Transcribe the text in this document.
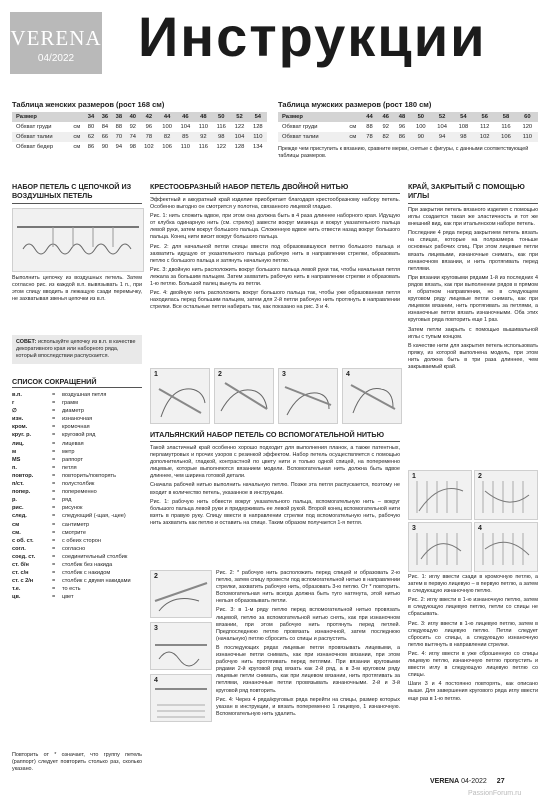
VERENA
04/2022	Инструкции
Таблица женских размеров (рост 168 см)
Размер		34	36	38	40	42	44	46	48	50	52	54
Обхват груди	см	80	84	88	92	96	100	104	110	116	122	128
Обхват талии	см	62	66	70	74	78	82	85	92	98	104	110
Обхват бедер	см	86	90	94	98	102	106	110	116	122	128	134
Таблица мужских размеров (рост 180 см)
Размер		44	46	48	50	52	54	56	58	60
Обхват груди	см	88	92	96	100	104	108	112	116	120
Обхват талии	см	78	82	86	90	94	98	102	106	110
Прежде чем приступить к вязанию, сравните мерки, снятые с фигуры, с данными соответствующей таблицы размеров.
НАБОР ПЕТЕЛЬ С ЦЕПОЧКОЙ ИЗ ВОЗДУШНЫХ ПЕТЕЛЬ
Выполнить цепочку из воздушных петель. Затем согласно рис. из каждой в.п. вывязывать 1 п., при этом спицу вводить в лежащую сзади перемычку, не захватывая звенья цепочки из в.п.
СОВЕТ: используйте цепочку из в.п. в качестве декоративного края или наборного ряда, который впоследствии распускается.
СПИСОК СОКРАЩЕНИЙ
в.п.	=	воздушная петля
г	=	грамм
∅	=	диаметр
изн.	=	изнаночная
кром.	=	кромочная
круг. р.	=	круговой ряд
лиц.	=	лицевая
м	=	метр
MS	=	раппорт
п.	=	петля
повтор.	=	повторить/повторять
п/ст.	=	полустолбик
попер.	=	попеременно
р.	=	ряд
рис.	=	рисунок
след.	=	следующий (-щая, -щее)
см	=	сантиметр
см.	=	смотрите
с об. ст.	=	с обеих сторон
согл.	=	согласно
соед. ст.	=	соединительный столбик
ст. б/н	=	столбик без накида
ст. с/н	=	столбик с накидом
ст. с 2/н	=	столбик с двумя накидами
т.е.	=	то есть
цв.	=	цвет
Повторить от * означает, что группу петель (раппорт) следует повторить столько раз, сколько указано.
КРЕСТООБРАЗНЫЙ НАБОР ПЕТЕЛЬ ДВОЙНОЙ НИТЬЮ
Эффектный и аккуратный край изделие приобретает благодаря крестообразному набору петель. Особенно выгодно он смотрится у полотна, связанного лицевой гладью.
Рис. 1: нить сложить вдвое, при этом она должна быть в 4 раза длиннее наборного края. Идущую от клубка одинарную нить (см. стрелку) завести вокруг мизинца и вокруг указательного пальца левой руки, затем вокруг большого пальца. Сложенную вдвое нить отвести назад вокруг большого пальца. Конец нити висит вокруг большого пальца.
Рис. 2: для начальной петли спицы ввести под образовавшуюся петлю большого пальца и захватить идущую от указательного пальца рабочую нить в направлении стрелки, образовать петлю с большого пальца и затянуть начальную петлю.
Рис. 3: двойную нить расположить вокруг большого пальца левой руки так, чтобы начальная петля лежала за большим пальцем. Затем захватить рабочую нить в направлении стрелки и образовать 1-ю петлю. Большой палец вынуть из петли.
Рис. 4: двойную нить расположить вокруг большого пальца так, чтобы уже образованная петля находилась перед большим пальцем, затем для 2-й петли рабочую нить протянуть в направлении стрелки. Все остальные петли набирать так, как показано на рис. 3 и 4.
1	2	3	4
ИТАЛЬЯНСКИЙ НАБОР ПЕТЕЛЬ СО ВСПОМОГАТЕЛЬНОЙ НИТЬЮ
Такой эластичный край особенно хорошо подходит для выполнения планок, а также патентных, перламутровых и прочих узоров с резинкой эффектом. Набор петель осуществляется с помощью дополнительной, гладкой, контрастной по цвету нити и только одной спицей, на попеременно лицевые, которые выполняются вязанием модели. Вспомогательная нить должна быть вдвое длиннее, чем ширина готовой детали.
Сначала рабочей нитью выполнить начальную петлю. Позже эта петля распускается, поэтому не входит в количество петель, указанное в инструкции.
Рис. 1: рабочую нить обвести вокруг указательного пальца, вспомогательную нить – вокруг большого пальца левой руки и придерживать ее левой рукой. Второй конец вспомогательной нити взять в правую руку. Спицу ввести в направлении стрелки под вспомогательную нить, рабочую нить захватить как петлю и оставить на спице. Таким образом получается 1-я петля.
2
3
4
Рис. 2: * рабочую нить расположить перед спицей и образовать 2-ю петлю, затем спицу провести под вспомогательной нитью в направлении стрелки, захватить рабочую нить, образовать 3-ю петлю. От * повторить. Вспомогательная нить всегда должна быть туго натянута, этой нитью нельзя образовывать петли.
Рис. 3: в 1-м ряду петлю перед вспомогательной нитью провязать лицевой, петлю за вспомогательной нитью снять, как при изнаночном вязании, при этом рабочую нить протянуть перед петлей. Предпоследнюю петлю провязать изнаночной, затем последнюю (начальную) петлю сбросить со спицы и распустить.
В последующих рядах лицевые петли провязывать лицевыми, а изнаночные петли снимать, как при изнаночном вязании, при этом рабочую нить протягивать перед петлями. При вязании круговыми рядами 2-й круговой ряд вязать как 2-й ряд, а в 3-м круговом ряду лицевые петли снимать, как при лицевом вязании, нить протягивать за петлями, изнаночные петли провязывать изнаночными. 2-й и 3-й круговой ряд повторить.
Рис. 4: Через 4 ряда/круговых ряда перейти на спицы, размер которых указан в инструкции, и вязать попеременно 1 лицевую, 1 изнаночную. Вспомогательную нить удалить.
КРАЙ, ЗАКРЫТЫЙ С ПОМОЩЬЮ ИГЛЫ
При закрытии петель вязаного изделия с помощью иглы создается такая же эластичность и тот же внешний вид, как при итальянском наборе петель.
Последние 4 ряда перед закрытием петель вязать на спицах, которые на полразмера тоньше основных рабочих спиц. При этом лицевые петли вязать лицевыми, изнаночные снимать, как при изнаночном вязании, и нить протягивать перед петлями.
При вязании круговыми рядами 1-й из последних 4 рядов вязать, как при выполнении рядов в прямом и обратном направлении, но в следующем круговом ряду лицевые петли снимать, как при лицевом вязании, нить протягивать за петлями, а изнаночные петли вязать изнаночными. Оба этих круговых ряда повторить еще 1 раз.
Затем петли закрыть с помощью вышивальной иглы с тупым концом.
В качестве нити для закрытия петель использовать пряжу, из которой выполнена модель, при этом нить должна быть в три раза длиннее, чем закрываемый край.
1	2
3	4
Рис. 1: иглу ввести сзади в кромочную петлю, а затем в первую лицевую – в первую петлю, а затем в следующую изнаночную петлю.
Рис. 2: иглу ввести в 1-ю изнаночную петлю, затем в следующую лицевую петлю, петли со спицы не сбрасывать.
Рис. 3: иглу ввести в 1-ю лицевую петлю, затем в следующую лицевую петлю. Петли следует сбросить со спицы, а следующую изнаночную петлю вытянуть в направлении стрелки.
Рис. 4: иглу ввести в уже сброшенную со спицы лицевую петлю, изнаночную петлю пропустить и ввести иглу в следующую лицевую петлю со спицы.
Шаги 3 и 4 постоянно повторять, как описано выше. Для завершения кругового ряда иглу ввести еще раз в 1-ю петлю.
VERENA 04-2022 27
PassionForum.ru
